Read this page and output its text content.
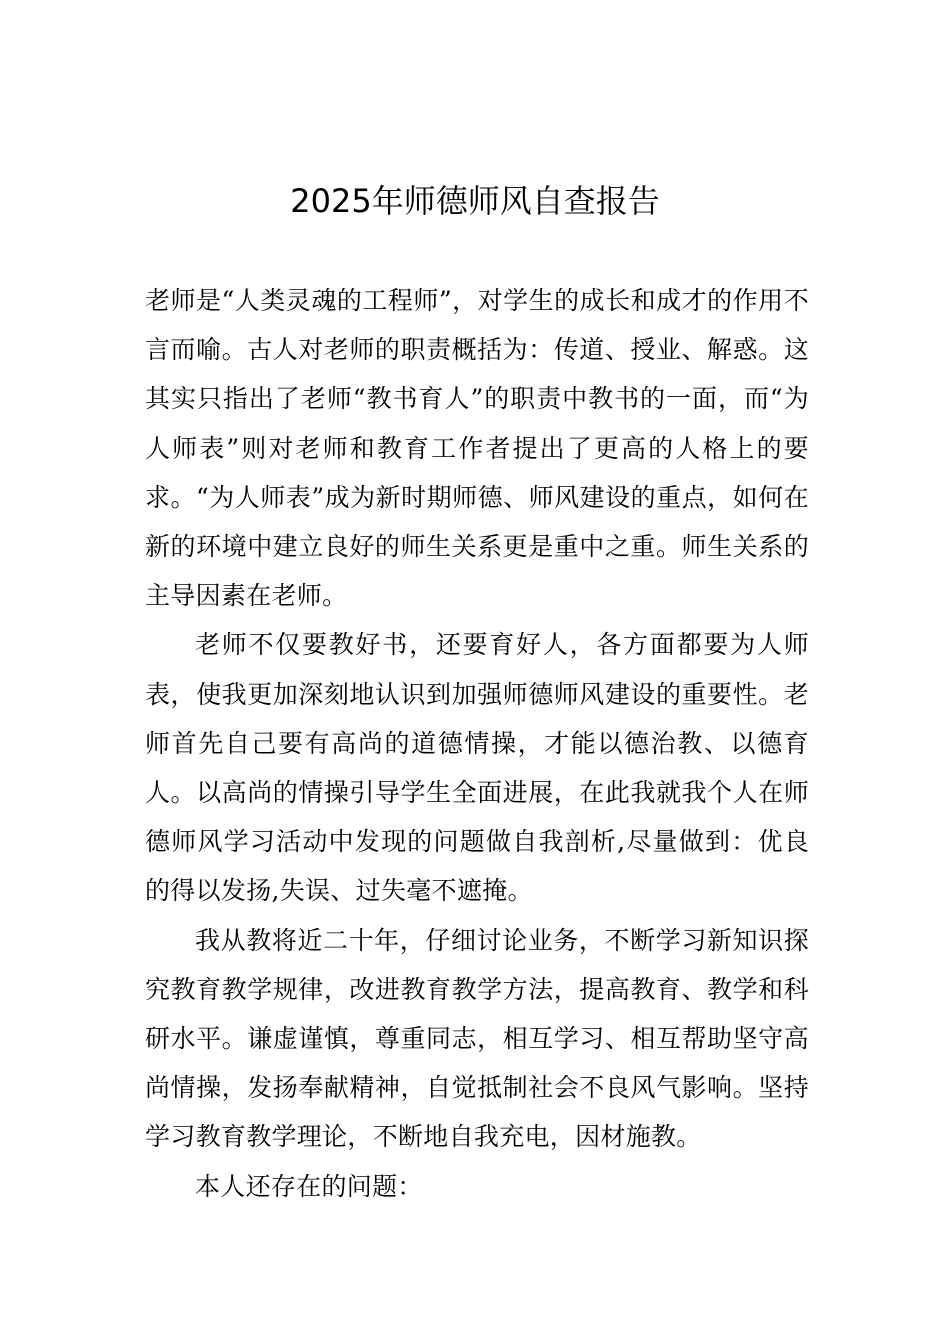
2025年师德师风自查报告

老师是“人类灵魂的工程师”，对学生的成长和成才的作用不言而喻。古人对老师的职责概括为：传道、授业、解惑。这其实只指出了老师“教书育人”的职责中教书的一面，而“为人师表”则对老师和教育工作者提出了更高的人格上的要求。“为人师表”成为新时期师德、师风建设的重点，如何在新的环境中建立良好的师生关系更是重中之重。师生关系的主导因素在老师。

老师不仅要教好书，还要育好人，各方面都要为人师表，使我更加深刻地认识到加强师德师风建设的重要性。老师首先自己要有高尚的道德情操，才能以德治教、以德育人。以高尚的情操引导学生全面进展，在此我就我个人在师德师风学习活动中发现的问题做自我剖析,尽量做到：优良的得以发扬,失误、过失毫不遮掩。

我从教将近二十年，仔细讨论业务，不断学习新知识探究教育教学规律，改进教育教学方法，提高教育、教学和科研水平。谦虚谨慎，尊重同志，相互学习、相互帮助坚守高尚情操，发扬奉献精神，自觉抵制社会不良风气影响。坚持学习教育教学理论，不断地自我充电，因材施教。

本人还存在的问题：
